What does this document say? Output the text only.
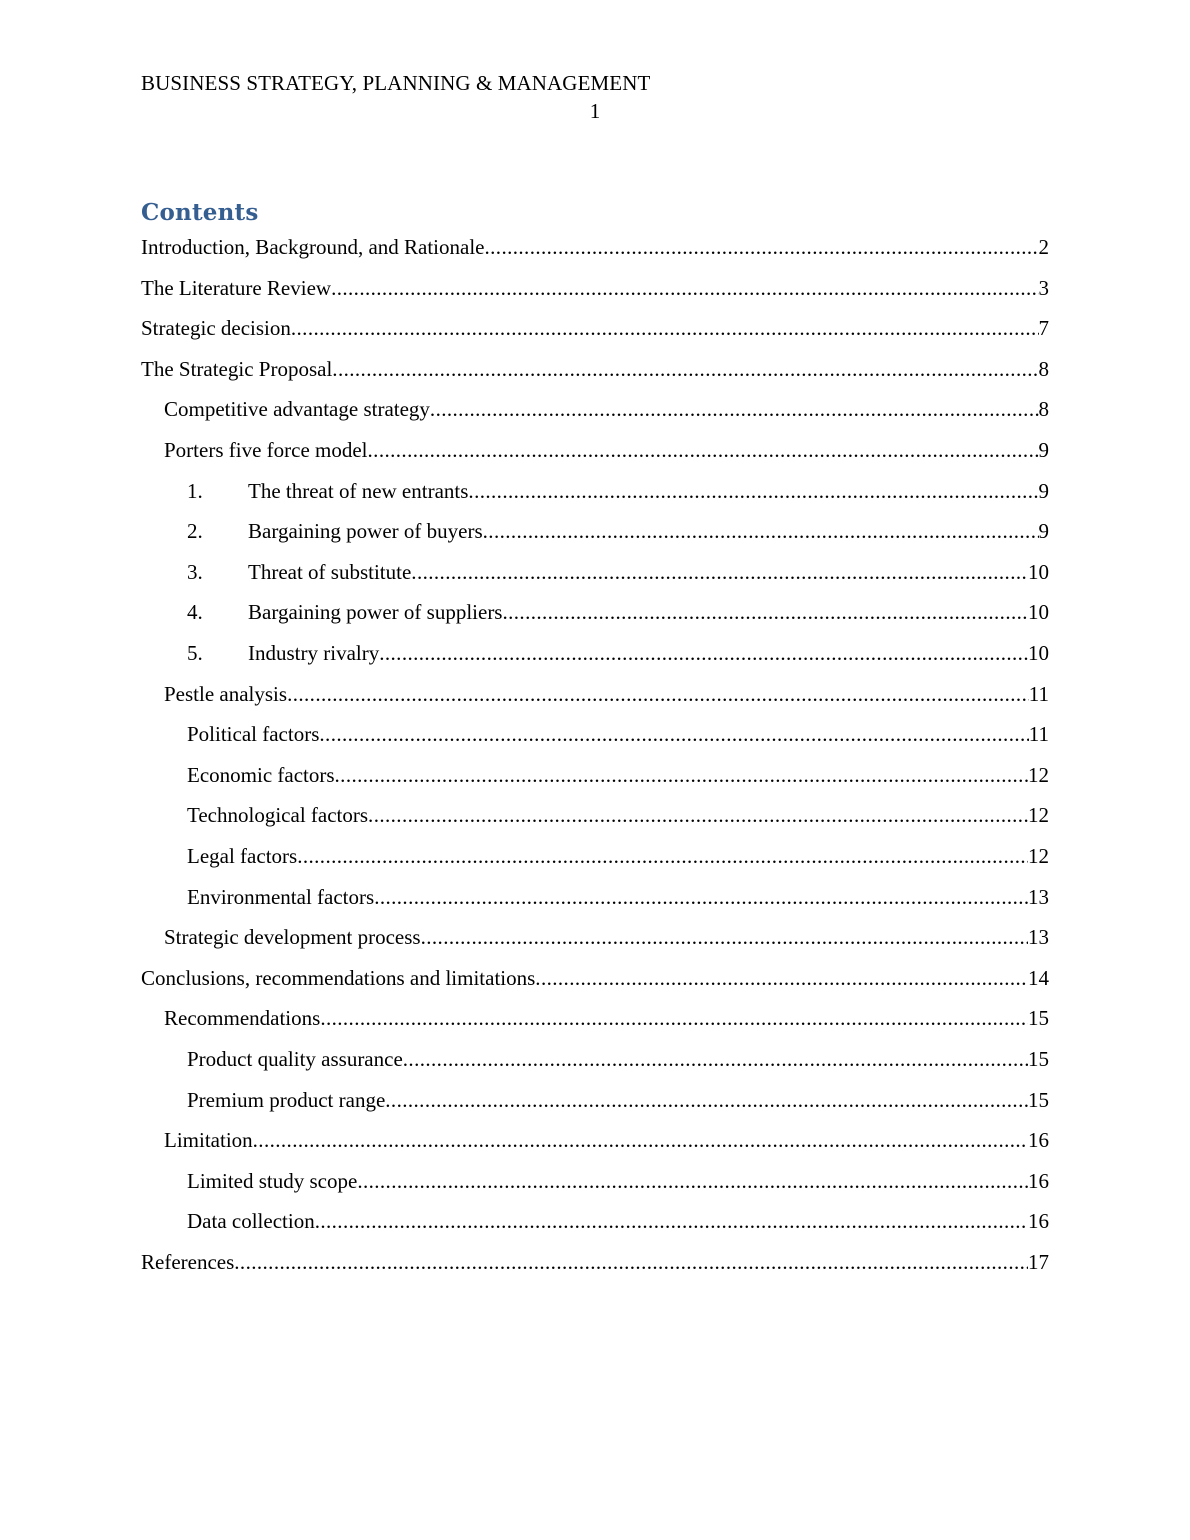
BUSINESS STRATEGY, PLANNING & MANAGEMENT
1
Contents
Introduction, Background, and Rationale .....	2
The Literature Review .....	3
Strategic decision .....	7
The Strategic Proposal .....	8
Competitive advantage strategy .....	8
Porters five force model .....	9
1.	The threat of new entrants .....	9
2.	Bargaining power of buyers .....	9
3.	Threat of substitute .....	10
4.	Bargaining power of suppliers .....	10
5.	Industry rivalry .....	10
Pestle analysis .....	11
Political factors .....	11
Economic factors .....	12
Technological factors .....	12
Legal factors .....	12
Environmental factors .....	13
Strategic development process .....	13
Conclusions, recommendations and limitations .....	14
Recommendations .....	15
Product quality assurance .....	15
Premium product range .....	15
Limitation .....	16
Limited study scope .....	16
Data collection .....	16
References .....	17
